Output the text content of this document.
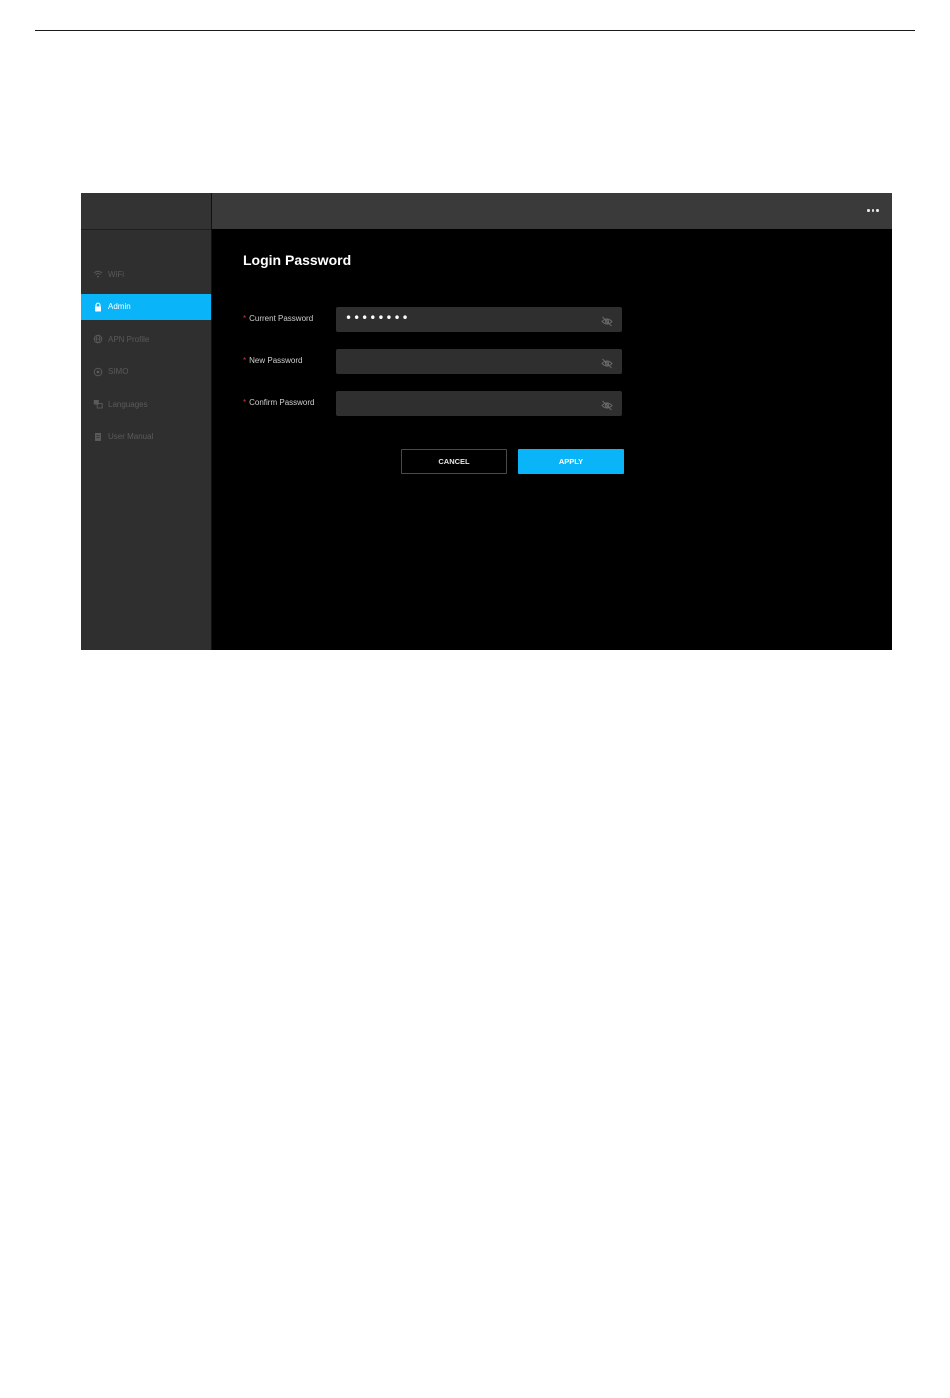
WiFi
Admin
APN Profile
SIMO
Languages
User Manual
Login Password
* Current Password	••••••••
* New Password
* Confirm Password
CANCEL	APPLY
